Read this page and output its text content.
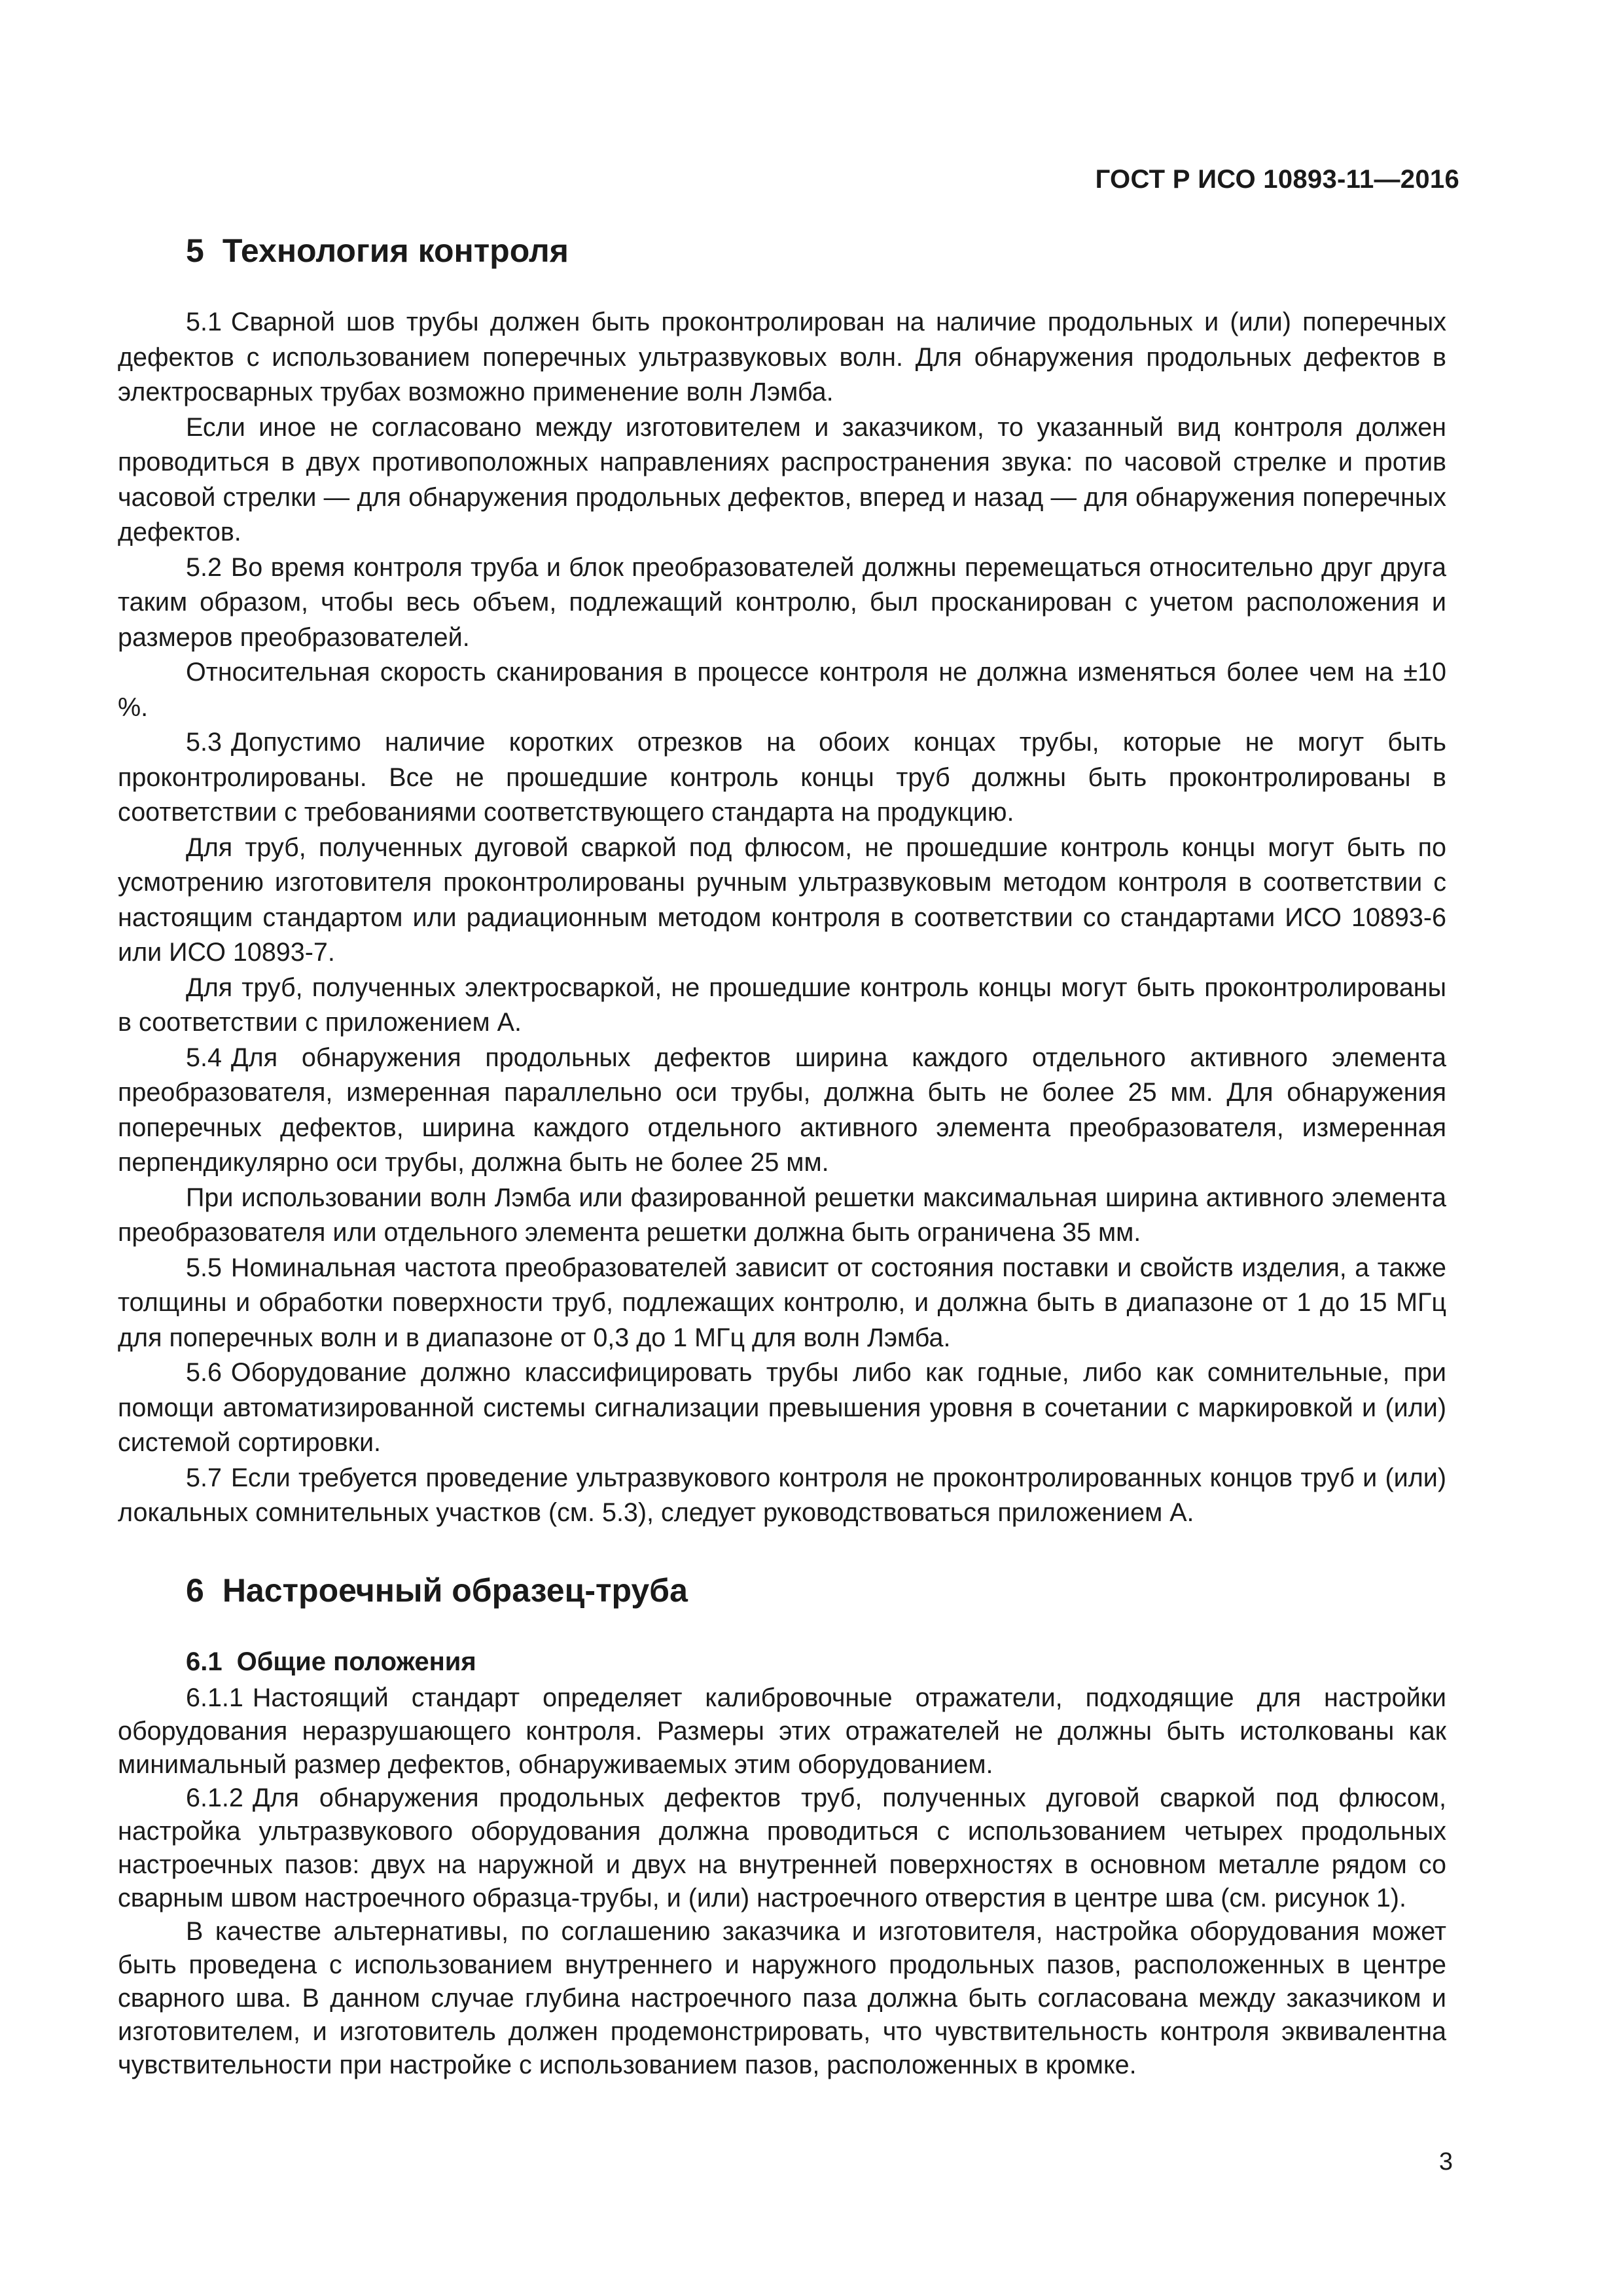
ГОСТ Р ИСО 10893-11—2016
5 Технология контроля

5.1 Сварной шов трубы должен быть проконтролирован на наличие продольных и (или) поперечных дефектов с использованием поперечных ультразвуковых волн. Для обнаружения продольных дефектов в электросварных трубах возможно применение волн Лэмба.

Если иное не согласовано между изготовителем и заказчиком, то указанный вид контроля должен проводиться в двух противоположных направлениях распространения звука: по часовой стрелке и против часовой стрелки — для обнаружения продольных дефектов, вперед и назад — для обнаружения поперечных дефектов.

5.2 Во время контроля труба и блок преобразователей должны перемещаться относительно друг друга таким образом, чтобы весь объем, подлежащий контролю, был просканирован с учетом расположения и размеров преобразователей.

Относительная скорость сканирования в процессе контроля не должна изменяться более чем на ±10 %.

5.3 Допустимо наличие коротких отрезков на обоих концах трубы, которые не могут быть проконтролированы. Все не прошедшие контроль концы труб должны быть проконтролированы в соответствии с требованиями соответствующего стандарта на продукцию.

Для труб, полученных дуговой сваркой под флюсом, не прошедшие контроль концы могут быть по усмотрению изготовителя проконтролированы ручным ультразвуковым методом контроля в соответствии с настоящим стандартом или радиационным методом контроля в соответствии со стандартами ИСО 10893-6 или ИСО 10893-7.

Для труб, полученных электросваркой, не прошедшие контроль концы могут быть проконтролированы в соответствии с приложением А.

5.4 Для обнаружения продольных дефектов ширина каждого отдельного активного элемента преобразователя, измеренная параллельно оси трубы, должна быть не более 25 мм. Для обнаружения поперечных дефектов, ширина каждого отдельного активного элемента преобразователя, измеренная перпендикулярно оси трубы, должна быть не более 25 мм.

При использовании волн Лэмба или фазированной решетки максимальная ширина активного элемента преобразователя или отдельного элемента решетки должна быть ограничена 35 мм.

5.5 Номинальная частота преобразователей зависит от состояния поставки и свойств изделия, а также толщины и обработки поверхности труб, подлежащих контролю, и должна быть в диапазоне от 1 до 15 МГц для поперечных волн и в диапазоне от 0,3 до 1 МГц для волн Лэмба.

5.6 Оборудование должно классифицировать трубы либо как годные, либо как сомнительные, при помощи автоматизированной системы сигнализации превышения уровня в сочетании с маркировкой и (или) системой сортировки.

5.7 Если требуется проведение ультразвукового контроля не проконтролированных концов труб и (или) локальных сомнительных участков (см. 5.3), следует руководствоваться приложением А.

6 Настроечный образец-труба
6.1 Общие положения

6.1.1 Настоящий стандарт определяет калибровочные отражатели, подходящие для настройки оборудования неразрушающего контроля. Размеры этих отражателей не должны быть истолкованы как минимальный размер дефектов, обнаруживаемых этим оборудованием.

6.1.2 Для обнаружения продольных дефектов труб, полученных дуговой сваркой под флюсом, настройка ультразвукового оборудования должна проводиться с использованием четырех продольных настроечных пазов: двух на наружной и двух на внутренней поверхностях в основном металле рядом со сварным швом настроечного образца-трубы, и (или) настроечного отверстия в центре шва (см. рисунок 1).

В качестве альтернативы, по соглашению заказчика и изготовителя, настройка оборудования может быть проведена с использованием внутреннего и наружного продольных пазов, расположенных в центре сварного шва. В данном случае глубина настроечного паза должна быть согласована между заказчиком и изготовителем, и изготовитель должен продемонстрировать, что чувствительность контроля эквивалентна чувствительности при настройке с использованием пазов, расположенных в кромке.

3
